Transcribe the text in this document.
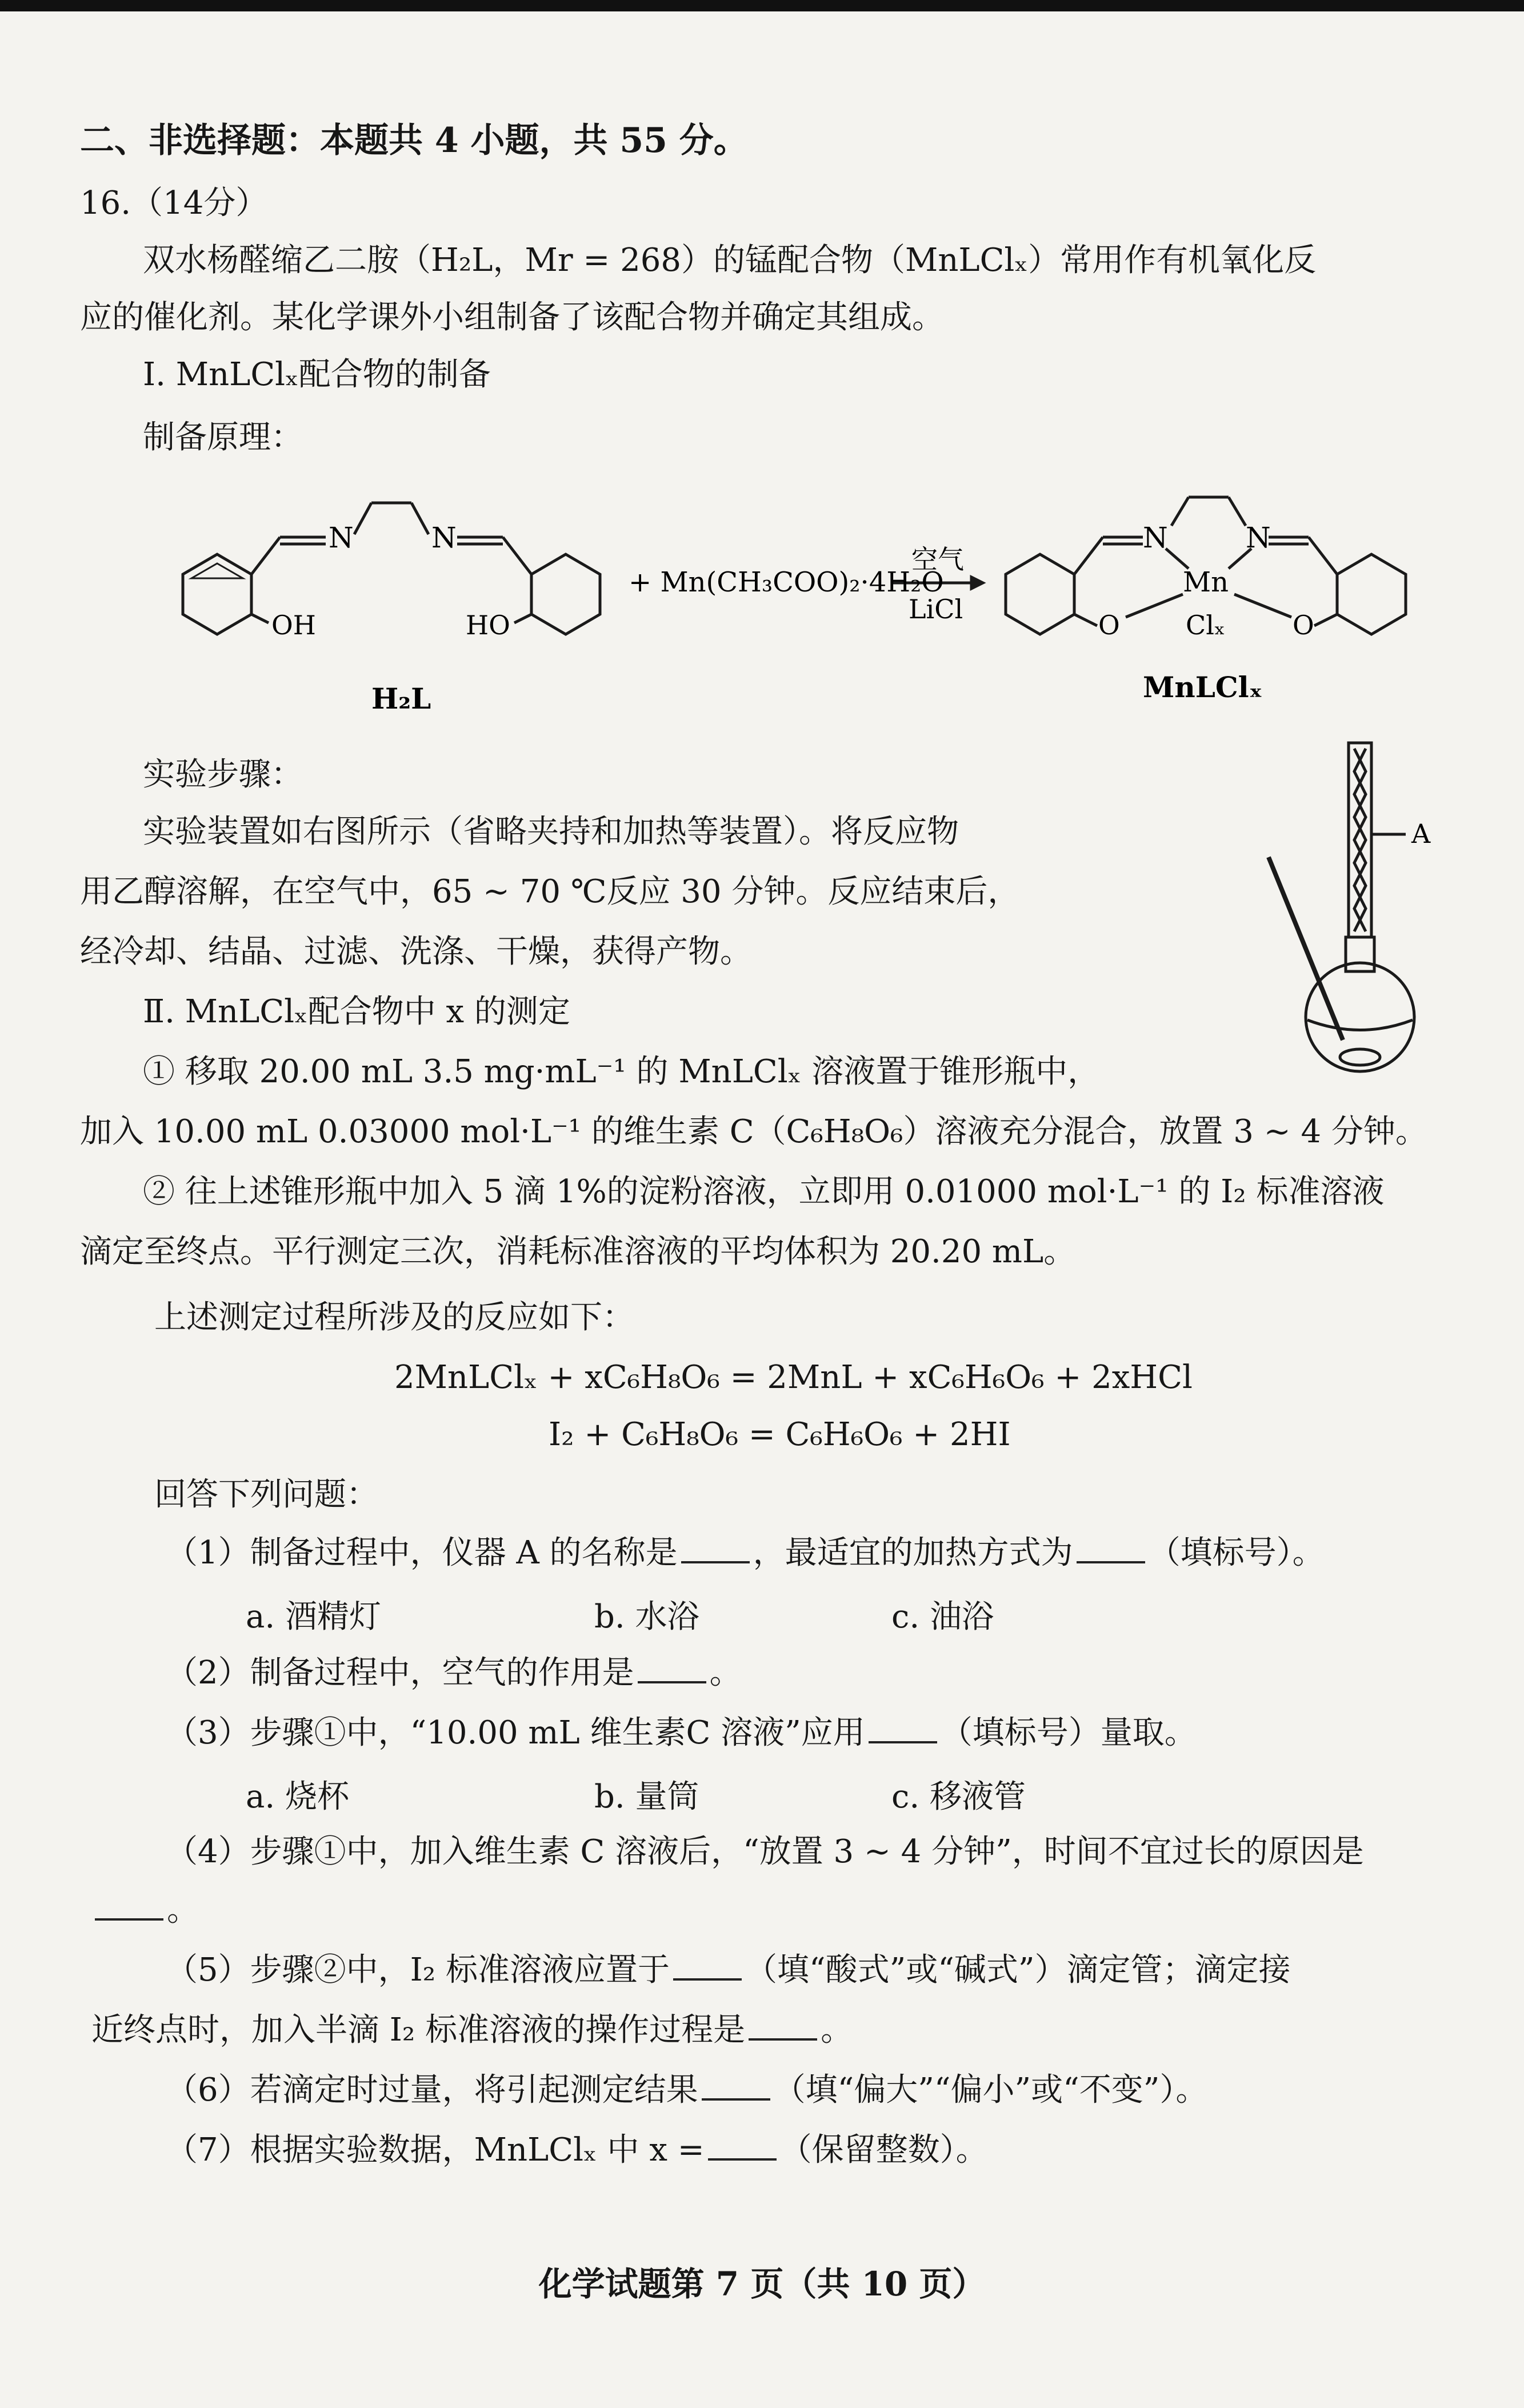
二、非选择题：本题共 4 小题，共 55 分。
16.（14分）
双水杨醛缩乙二胺（H₂L，Mr = 268）的锰配合物（MnLClₓ）常用作有机氧化反
应的催化剂。某化学课外小组制备了该配合物并确定其组成。
Ⅰ. MnLClₓ配合物的制备
制备原理：
N	N
OH	HO
H₂L
+ Mn(CH₃COO)₂·4H₂O
空气
LiCl
N	N
Mn
O	O
Clₓ
MnLClₓ
实验步骤：
实验装置如右图所示（省略夹持和加热等装置）。将反应物
用乙醇溶解，在空气中，65 ~ 70 ℃反应 30 分钟。反应结束后，
经冷却、结晶、过滤、洗涤、干燥，获得产物。
A
Ⅱ. MnLClₓ配合物中 x 的测定
① 移取 20.00 mL 3.5 mg·mL⁻¹ 的 MnLClₓ 溶液置于锥形瓶中，
加入 10.00 mL 0.03000 mol·L⁻¹ 的维生素 C（C₆H₈O₆）溶液充分混合，放置 3 ~ 4 分钟。
② 往上述锥形瓶中加入 5 滴 1%的淀粉溶液，立即用 0.01000 mol·L⁻¹ 的 I₂ 标准溶液
滴定至终点。平行测定三次，消耗标准溶液的平均体积为 20.20 mL。
上述测定过程所涉及的反应如下：
2MnLClₓ + xC₆H₈O₆ = 2MnL + xC₆H₆O₆ + 2xHCl
I₂ + C₆H₈O₆ = C₆H₆O₆ + 2HI
回答下列问题：
（1）制备过程中，仪器 A 的名称是 ，最适宜的加热方式为 （填标号）。
a. 酒精灯	b. 水浴	c. 油浴
（2）制备过程中，空气的作用是 。
（3）步骤①中，“10.00 mL 维生素C 溶液”应用 （填标号）量取。
a. 烧杯	b. 量筒	c. 移液管
（4）步骤①中，加入维生素 C 溶液后，“放置 3 ~ 4 分钟”，时间不宜过长的原因是
。
（5）步骤②中，I₂ 标准溶液应置于 （填“酸式”或“碱式”）滴定管；滴定接
近终点时，加入半滴 I₂ 标准溶液的操作过程是 。
（6）若滴定时过量，将引起测定结果 （填“偏大”“偏小”或“不变”）。
（7）根据实验数据，MnLClₓ 中 x = （保留整数）。
化学试题第 7 页（共 10 页）
